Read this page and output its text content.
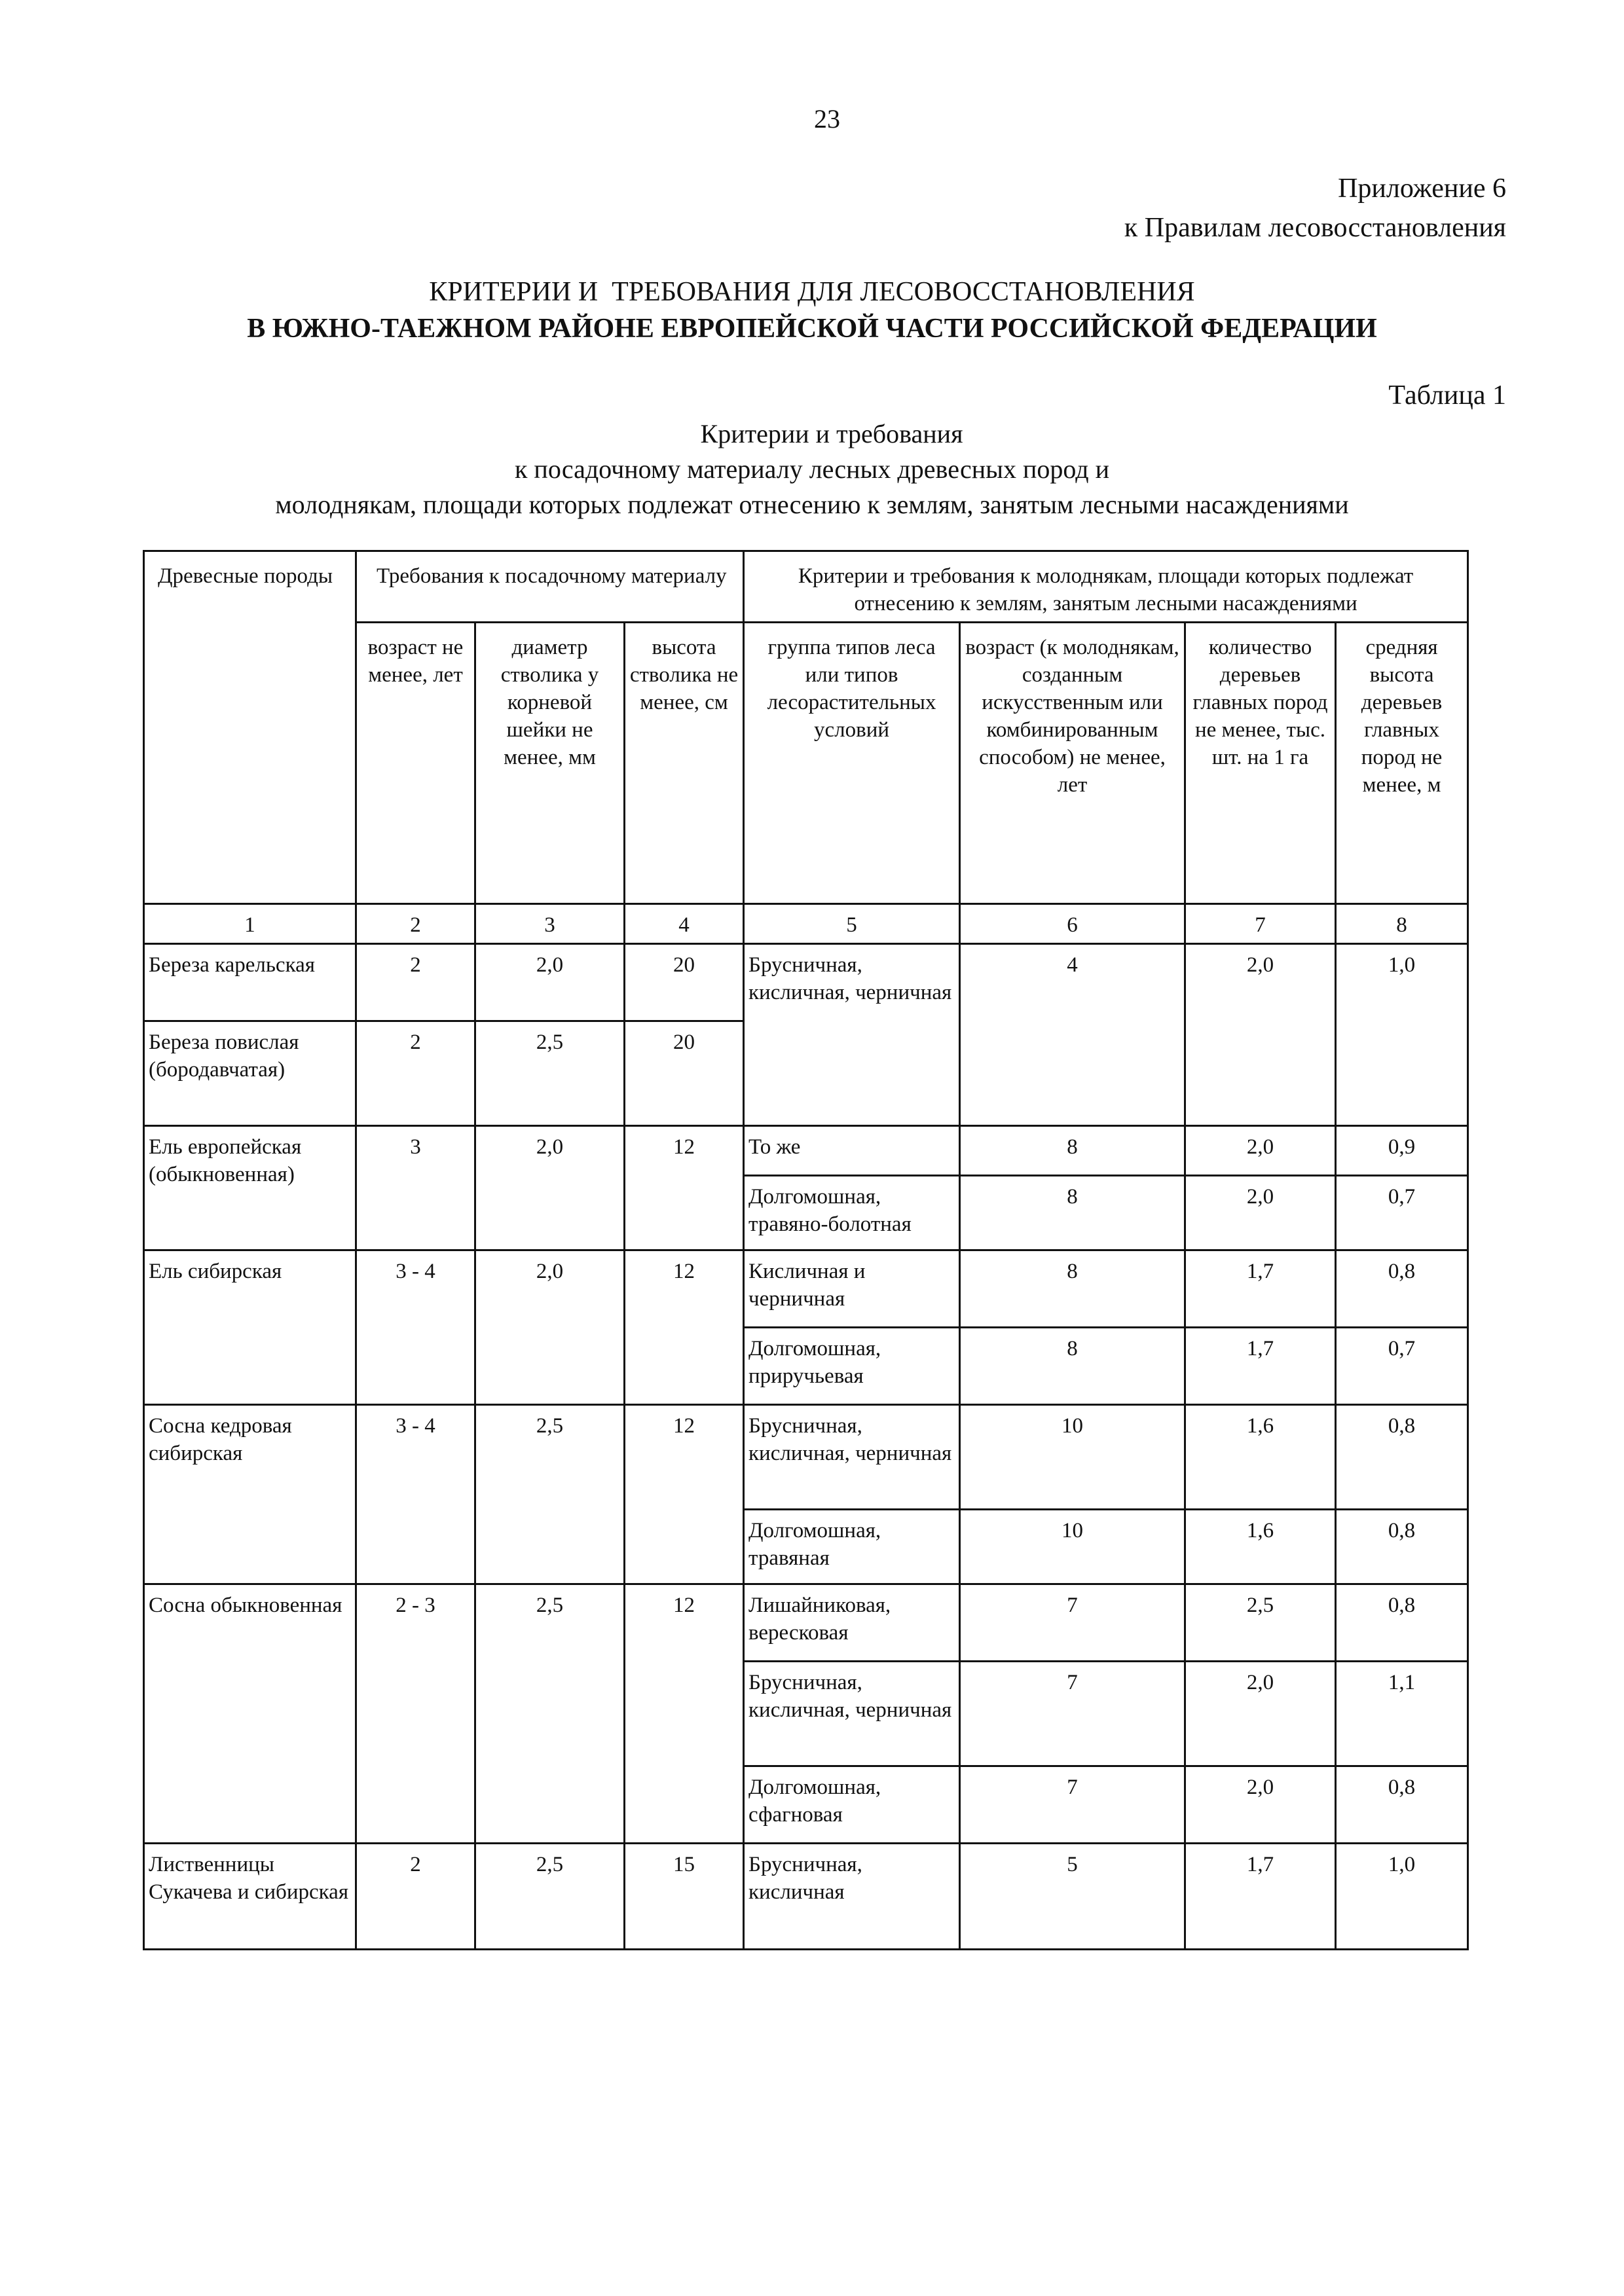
23
Приложение 6
к Правилам лесовосстановления
КРИТЕРИИ И  ТРЕБОВАНИЯ ДЛЯ ЛЕСОВОССТАНОВЛЕНИЯ
В ЮЖНО-ТАЕЖНОМ РАЙОНЕ ЕВРОПЕЙСКОЙ ЧАСТИ РОССИЙСКОЙ ФЕДЕРАЦИИ
Таблица 1
Критерии и требования
к посадочному материалу лесных древесных пород и
молоднякам, площади которых подлежат отнесению к землям, занятым лесными насаждениями
Древесные породы	Требования к посадочному материалу			Критерии и требования к молоднякам, площади которых подлежат отнесению к землям, занятым лесными насаждениями			
	возраст не менее, лет	диаметр стволика у корневой шейки не менее, мм	высота стволика не менее, см	группа типов леса или типов лесорастительных условий	возраст (к молоднякам, созданным искусственным или комбинированным способом) не менее, лет	количество деревьев главных пород не менее, тыс. шт. на 1 га	средняя высота деревьев главных пород не менее, м
1	2	3	4	5	6	7	8
Береза карельская	2	2,0	20	Брусничная, кисличная, черничная	4	2,0	1,0
Береза повислая (бородавчатая)	2	2,5	20				
Ель европейская (обыкновенная)	3	2,0	12	То же	8	2,0	0,9
				Долгомошная, травяно-болотная	8	2,0	0,7
Ель сибирская	3 - 4	2,0	12	Кисличная и черничная	8	1,7	0,8
				Долгомошная, приручьевая	8	1,7	0,7
Сосна кедровая сибирская	3 - 4	2,5	12	Брусничная, кисличная, черничная	10	1,6	0,8
				Долгомошная, травяная	10	1,6	0,8
Сосна обыкновенная	2 - 3	2,5	12	Лишайниковая, вересковая	7	2,5	0,8
				Брусничная, кисличная, черничная	7	2,0	1,1
				Долгомошная, сфагновая	7	2,0	0,8
Лиственницы Сукачева и сибирская	2	2,5	15	Брусничная, кисличная	5	1,7	1,0
